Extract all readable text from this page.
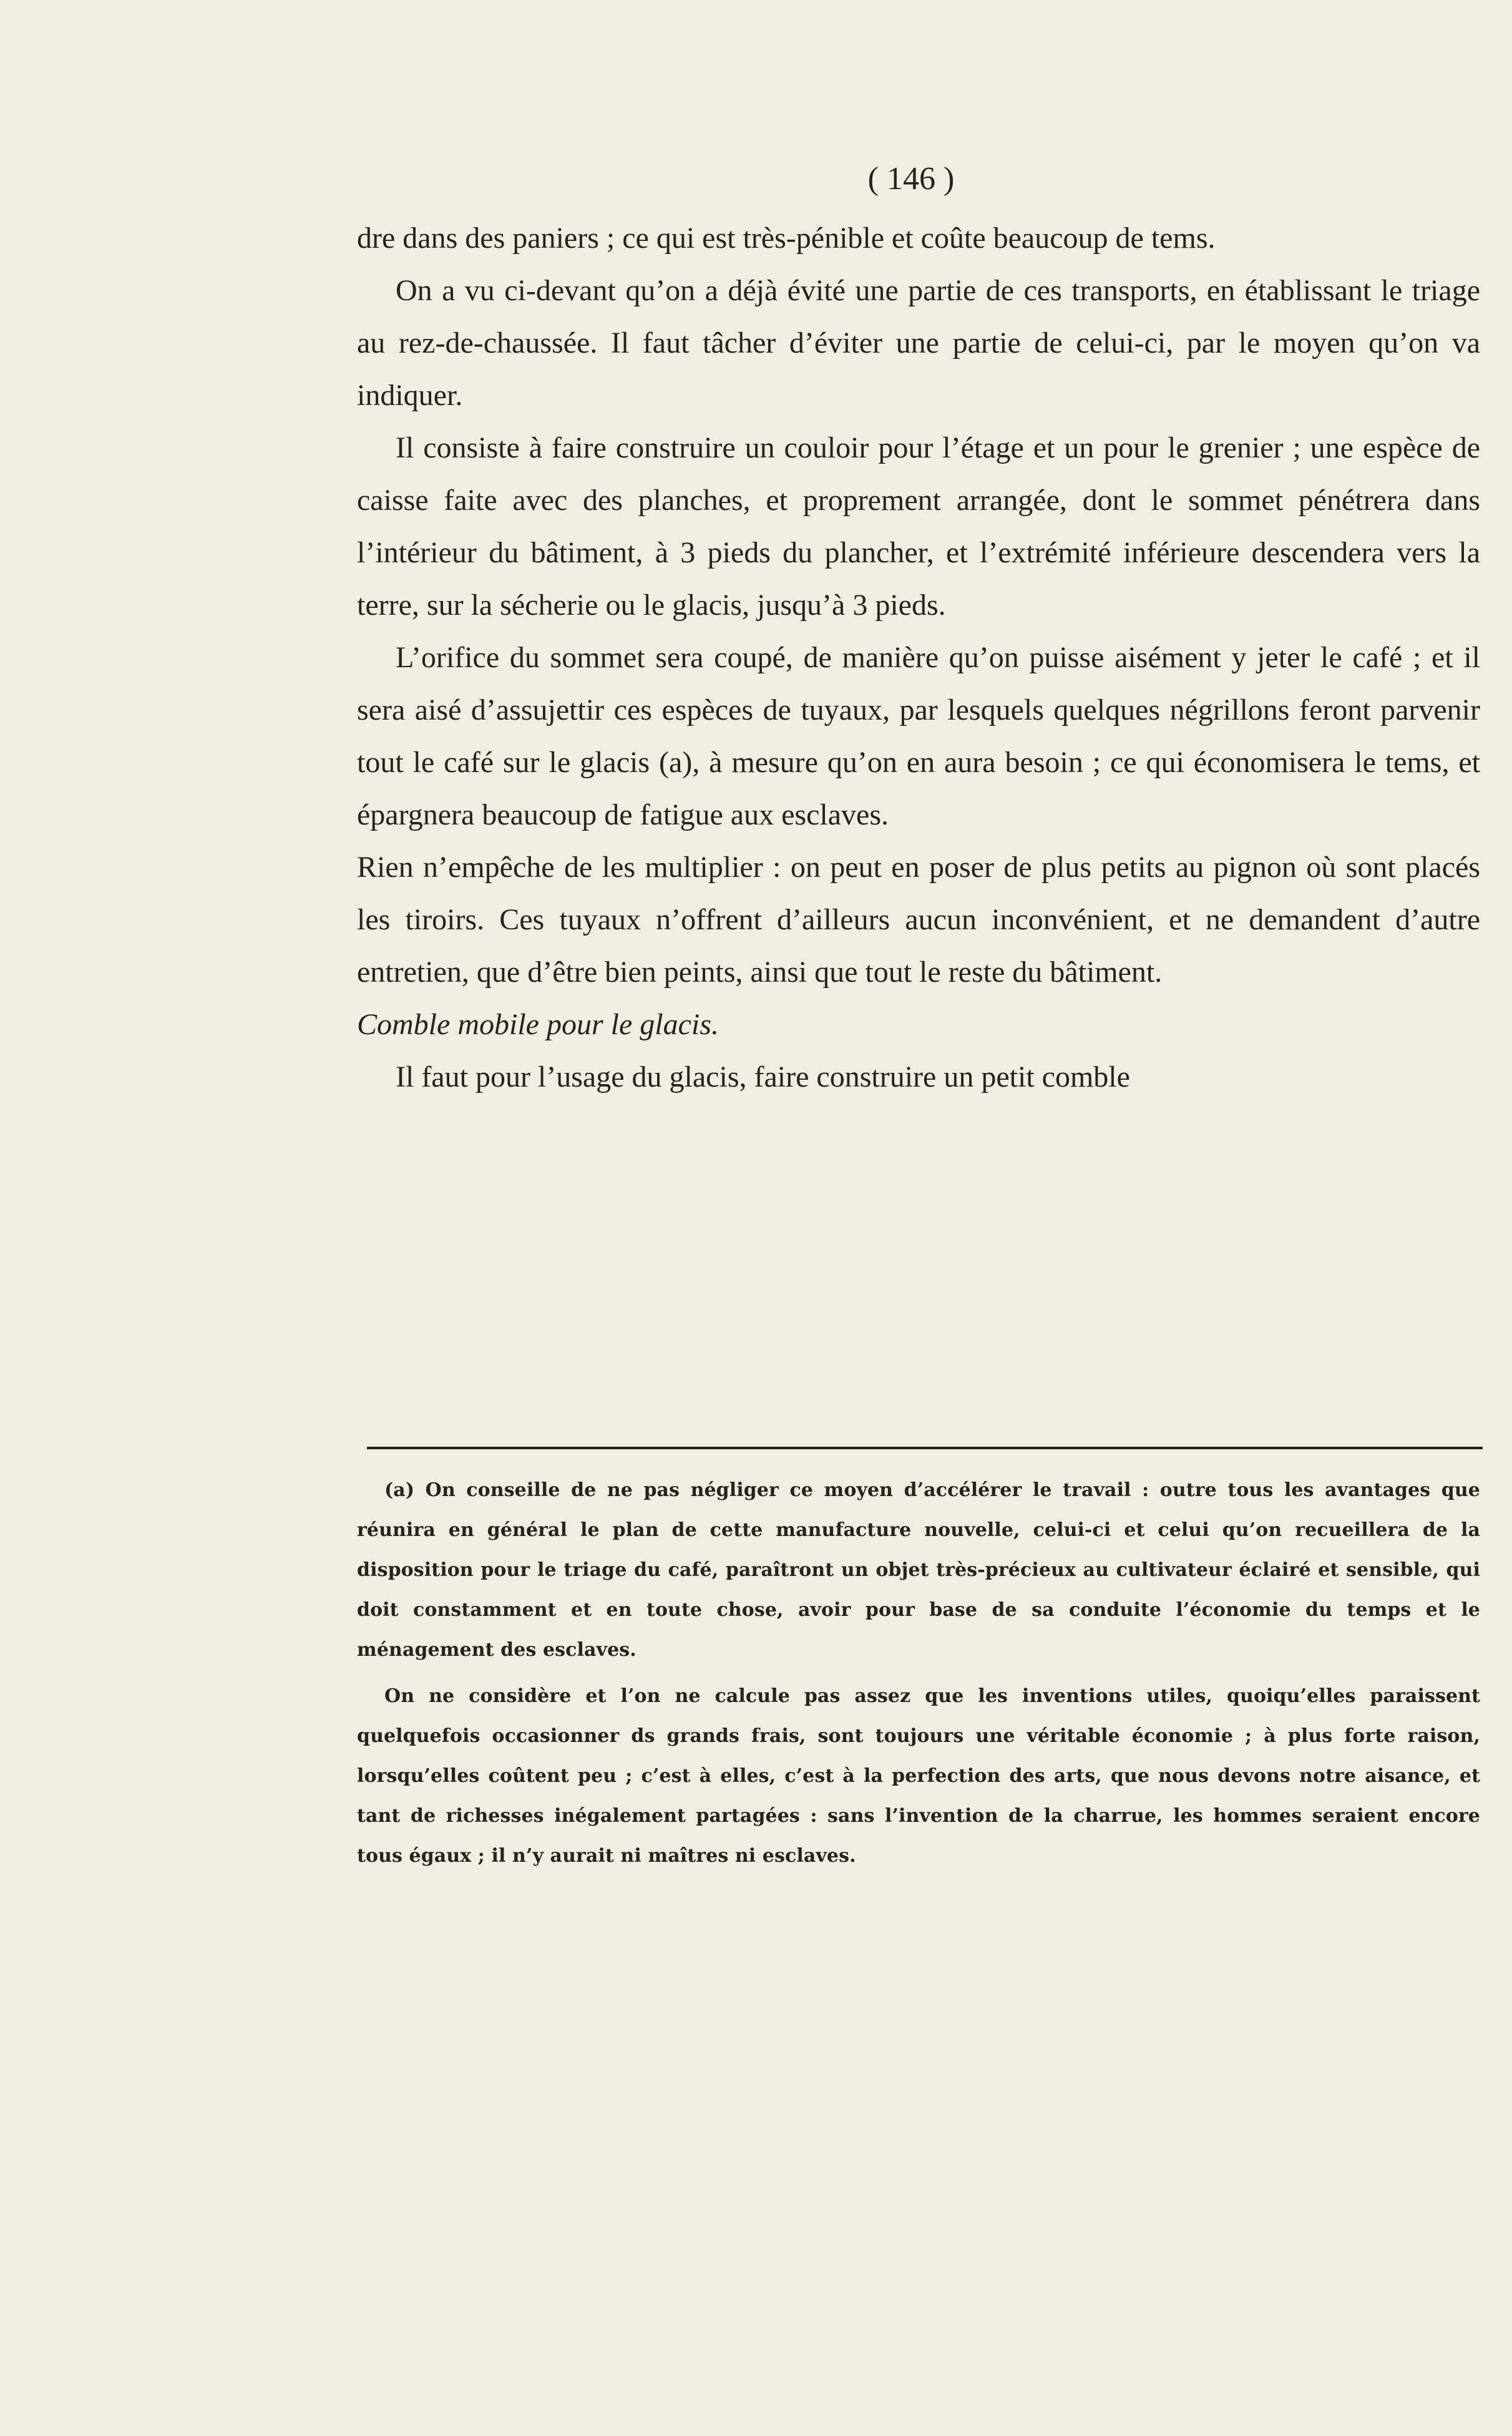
( 146 )

dre dans des paniers ; ce qui est très-pénible et coûte beaucoup de tems.

On a vu ci-devant qu’on a déjà évité une partie de ces transports, en établissant le triage au rez-de-chaussée. Il faut tâcher d’éviter une partie de celui-ci, par le moyen qu’on va indiquer.

Il consiste à faire construire un couloir pour l’étage et un pour le grenier ; une espèce de caisse faite avec des planches, et proprement arrangée, dont le sommet pénétrera dans l’intérieur du bâtiment, à 3 pieds du plancher, et l’extrémité inférieure descendera vers la terre, sur la sécherie ou le glacis, jusqu’à 3 pieds.

L’orifice du sommet sera coupé, de manière qu’on puisse aisément y jeter le café ; et il sera aisé d’assujettir ces espèces de tuyaux, par lesquels quelques négrillons feront parvenir tout le café sur le glacis (a), à mesure qu’on en aura besoin ; ce qui économisera le tems, et épargnera beaucoup de fatigue aux esclaves.

Rien n’empêche de les multiplier : on peut en poser de plus petits au pignon où sont placés les tiroirs. Ces tuyaux n’offrent d’ailleurs aucun inconvénient, et ne demandent d’autre entretien, que d’être bien peints, ainsi que tout le reste du bâtiment.

Comble mobile pour le glacis.

Il faut pour l’usage du glacis, faire construire un petit comble

(a) On conseille de ne pas négliger ce moyen d’accélérer le travail : outre tous les avantages que réunira en général le plan de cette manufacture nouvelle, celui-ci et celui qu’on recueillera de la disposition pour le triage du café, paraîtront un objet très-précieux au cultivateur éclairé et sensible, qui doit constamment et en toute chose, avoir pour base de sa conduite l’économie du temps et le ménagement des esclaves.

On ne considère et l’on ne calcule pas assez que les inventions utiles, quoiqu’elles paraissent quelquefois occasionner ds grands frais, sont toujours une véritable économie ; à plus forte raison, lorsqu’elles coûtent peu ; c’est à elles, c’est à la perfection des arts, que nous devons notre aisance, et tant de richesses inégalement partagées : sans l’invention de la charrue, les hommes seraient encore tous égaux ; il n’y aurait ni maîtres ni esclaves.
